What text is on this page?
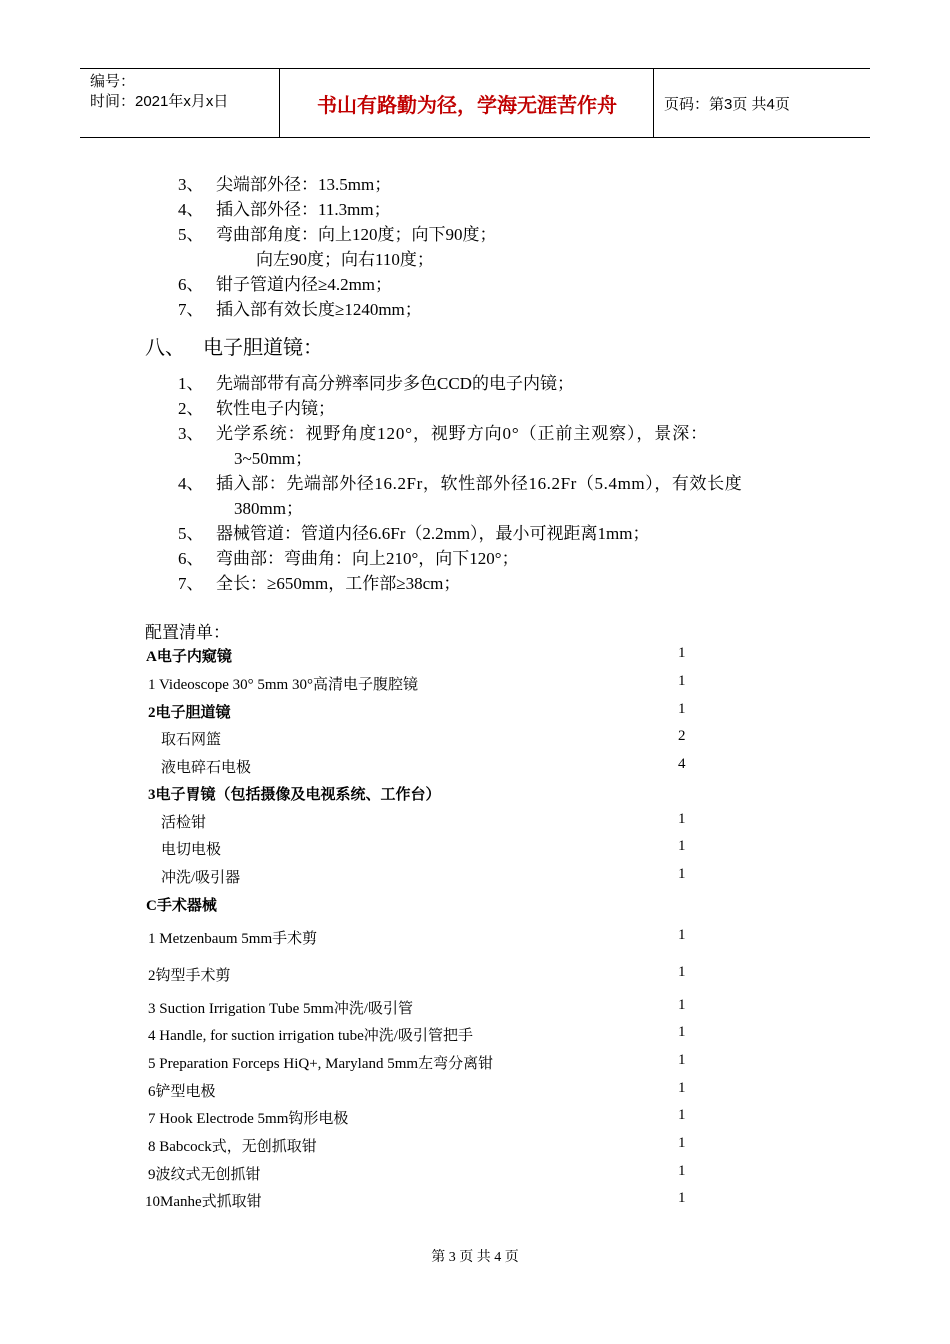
编号：
时间：2021年x月x日	书山有路勤为径，学海无涯苦作舟	页码：第3页 共4页
3、 尖端部外径：13.5mm；
4、 插入部外径：11.3mm；
5、 弯曲部角度：向上120度；向下90度；
向左90度；向右110度；
6、 钳子管道内径≥4.2mm；
7、 插入部有效长度≥1240mm；
八、 电子胆道镜：
1、 先端部带有高分辨率同步多色CCD的电子内镜；
2、 软性电子内镜；
3、 光学系统：视野角度120°，视野方向0°（正前主观察），景深：
3~50mm；
4、 插入部：先端部外径16.2Fr，软性部外径16.2Fr（5.4mm），有效长度
380mm；
5、 器械管道：管道内径6.6Fr（2.2mm），最小可视距离1mm；
6、 弯曲部：弯曲角：向上210°，向下120°；
7、 全长：≥650mm，工作部≥38cm；
配置清单：
A电子内窥镜	1
1 Videoscope 30° 5mm 30°高清电子腹腔镜	1
2电子胆道镜	1
取石网篮	2
液电碎石电极	4
3电子胃镜（包括摄像及电视系统、工作台）
活检钳	1
电切电极	1
冲洗/吸引器	1
C手术器械
1 Metzenbaum 5mm手术剪	1
2钩型手术剪	1
3 Suction Irrigation Tube 5mm冲洗/吸引管	1
4 Handle, for suction irrigation tube冲洗/吸引管把手	1
5 Preparation Forceps HiQ+, Maryland 5mm左弯分离钳	1
6铲型电极	1
7 Hook Electrode 5mm钩形电极	1
8 Babcock式，无创抓取钳	1
9波纹式无创抓钳	1
10Manhe式抓取钳	1
第 3 页 共 4 页
